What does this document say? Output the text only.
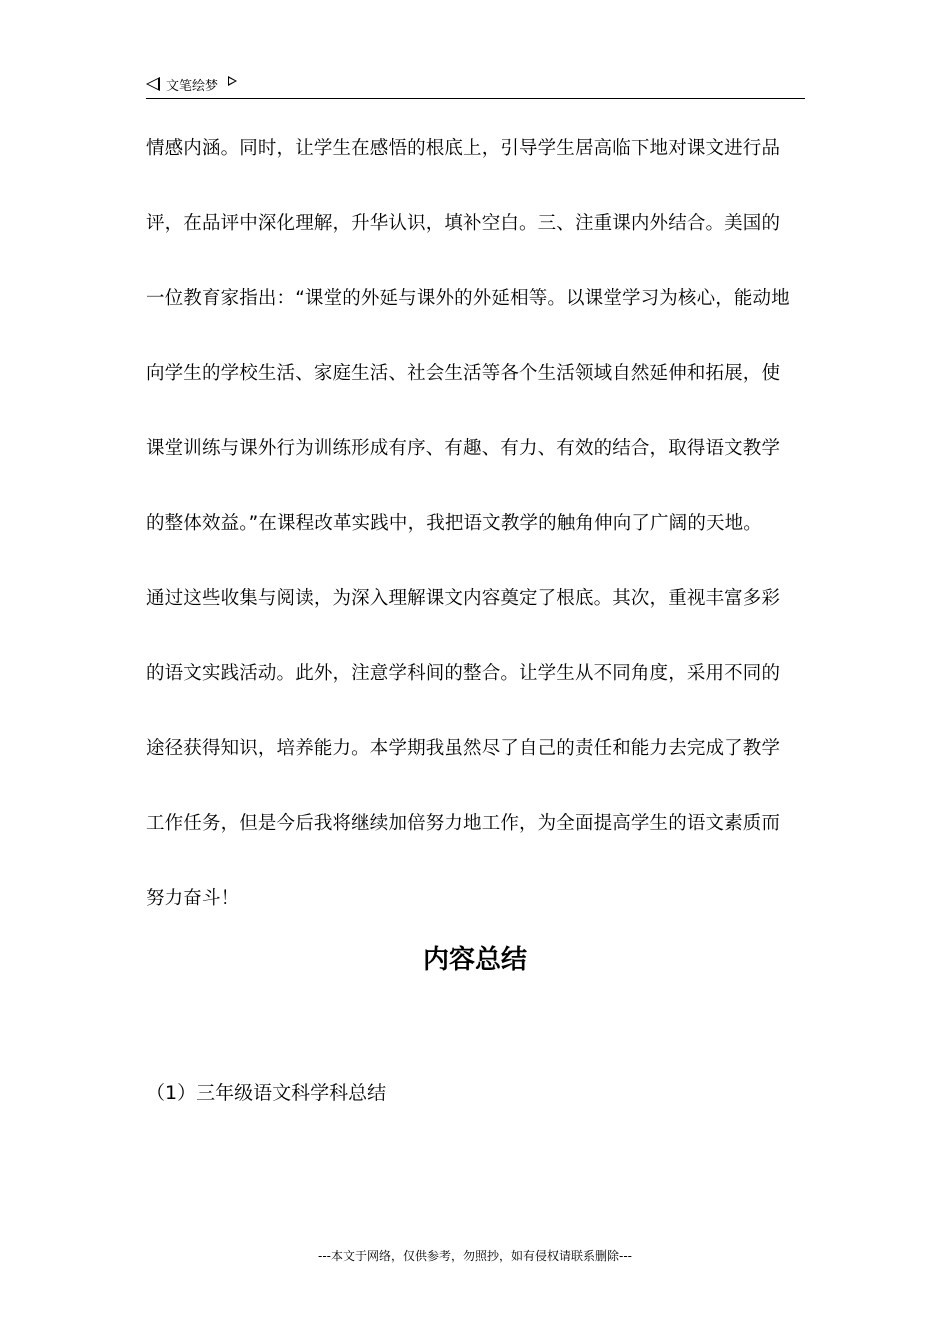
文笔绘梦
情感内涵。同时，让学生在感悟的根底上，引导学生居高临下地对课文进行品
评，在品评中深化理解，升华认识，填补空白。三、注重课内外结合。美国的
一位教育家指出：“课堂的外延与课外的外延相等。以课堂学习为核心，能动地
向学生的学校生活、家庭生活、社会生活等各个生活领域自然延伸和拓展，使
课堂训练与课外行为训练形成有序、有趣、有力、有效的结合，取得语文教学
的整体效益。”在课程改革实践中，我把语文教学的触角伸向了广阔的天地。
通过这些收集与阅读，为深入理解课文内容奠定了根底。其次，重视丰富多彩
的语文实践活动。此外，注意学科间的整合。让学生从不同角度，采用不同的
途径获得知识，培养能力。本学期我虽然尽了自己的责任和能力去完成了教学
工作任务，但是今后我将继续加倍努力地工作，为全面提高学生的语文素质而
努力奋斗！
内容总结
（1）三年级语文科学科总结
---本文于网络，仅供参考，勿照抄，如有侵权请联系删除---
